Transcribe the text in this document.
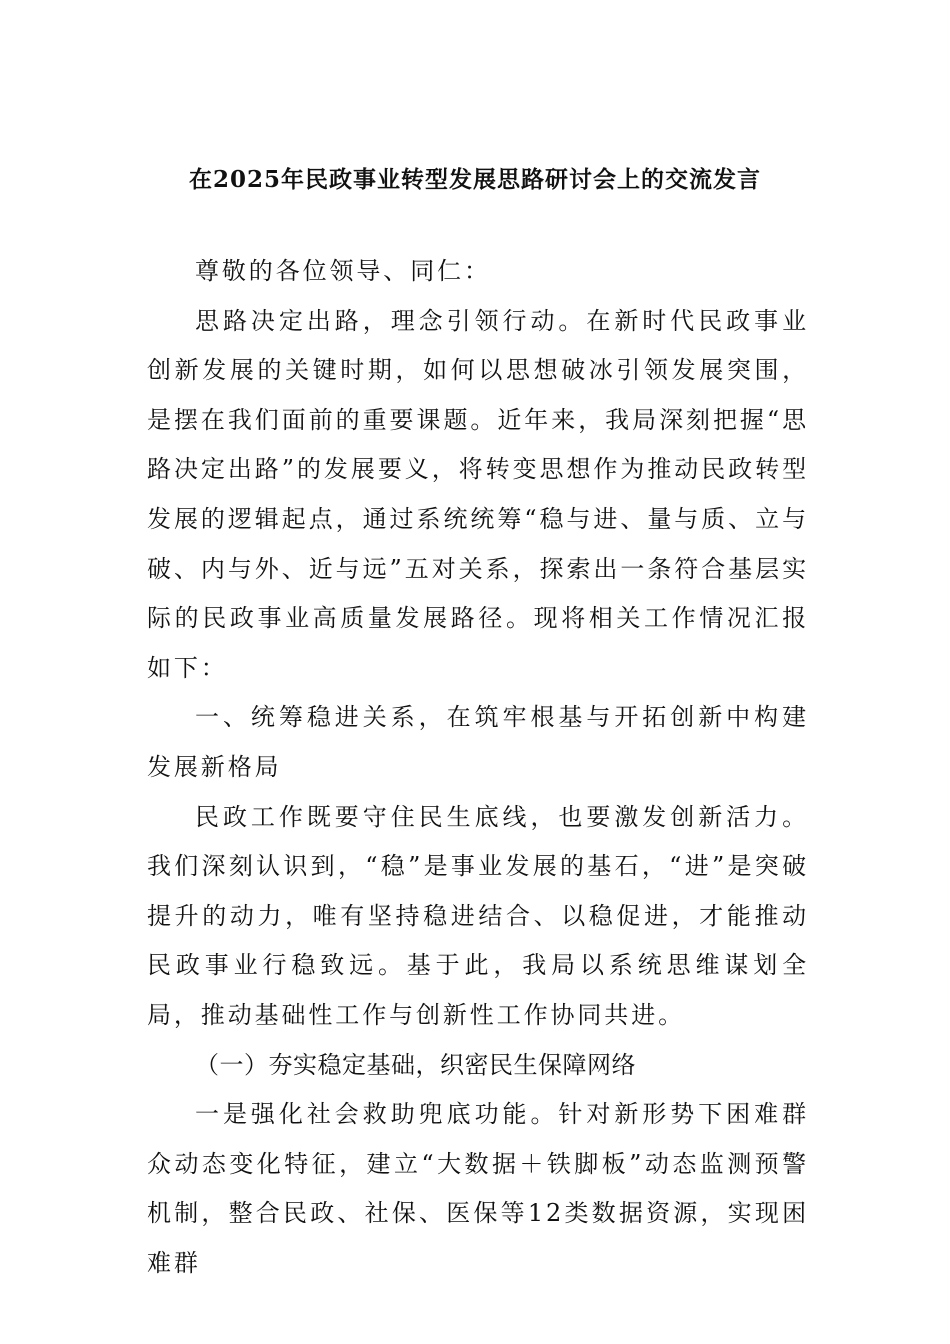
在2025年民政事业转型发展思路研讨会上的交流发言

尊敬的各位领导、同仁：

思路决定出路，理念引领行动。在新时代民政事业创新发展的关键时期，如何以思想破冰引领发展突围，是摆在我们面前的重要课题。近年来，我局深刻把握“思路决定出路”的发展要义，将转变思想作为推动民政转型发展的逻辑起点，通过系统统筹“稳与进、量与质、立与破、内与外、近与远”五对关系，探索出一条符合基层实际的民政事业高质量发展路径。现将相关工作情况汇报如下：

一、统筹稳进关系，在筑牢根基与开拓创新中构建发展新格局

民政工作既要守住民生底线，也要激发创新活力。我们深刻认识到，“稳”是事业发展的基石，“进”是突破提升的动力，唯有坚持稳进结合、以稳促进，才能推动民政事业行稳致远。基于此，我局以系统思维谋划全局，推动基础性工作与创新性工作协同共进。

（一）夯实稳定基础，织密民生保障网络

一是强化社会救助兜底功能。针对新形势下困难群众动态变化特征，建立“大数据＋铁脚板”动态监测预警机制，整合民政、社保、医保等12类数据资源，实现困难群
